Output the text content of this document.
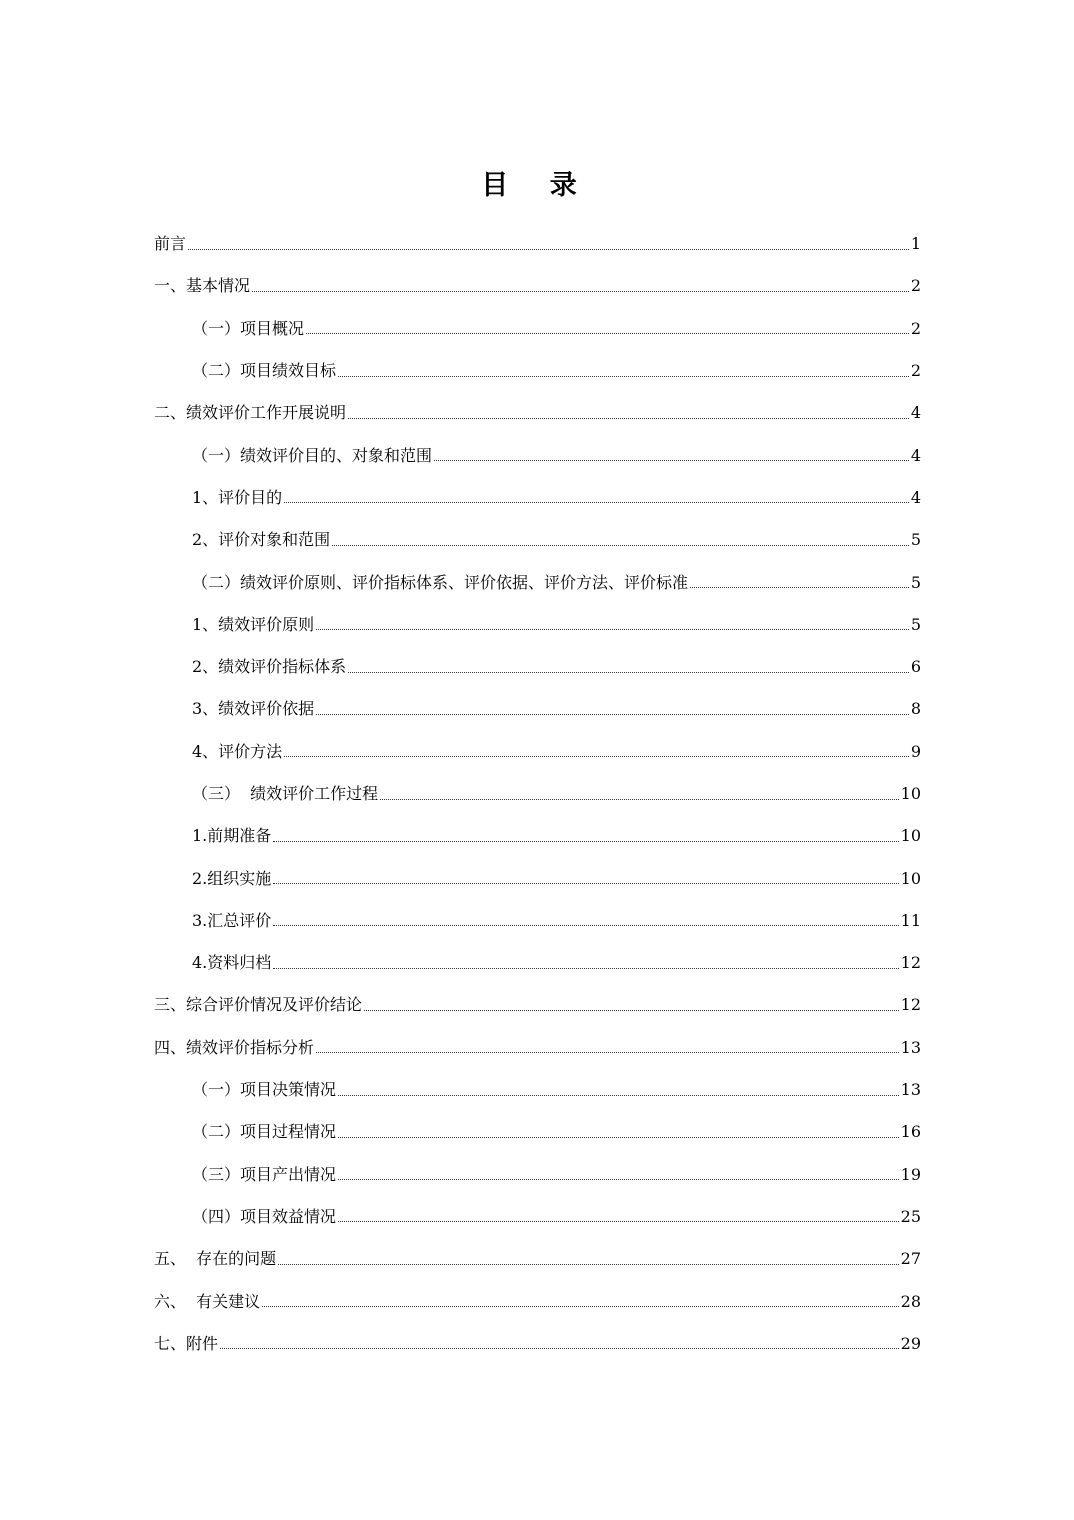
目 录
前言	1
一、基本情况	2
（一）项目概况	2
（二）项目绩效目标	2
二、绩效评价工作开展说明	4
（一）绩效评价目的、对象和范围	4
1、评价目的	4
2、评价对象和范围	5
（二）绩效评价原则、评价指标体系、评价依据、评价方法、评价标准	5
1、绩效评价原则	5
2、绩效评价指标体系	6
3、绩效评价依据	8
4、评价方法	9
（三）  绩效评价工作过程	10
1.前期准备	10
2.组织实施	10
3.汇总评价	11
4.资料归档	12
三、综合评价情况及评价结论	12
四、绩效评价指标分析	13
（一）项目决策情况	13
（二）项目过程情况	16
（三）项目产出情况	19
（四）项目效益情况	25
五、  存在的问题	27
六、  有关建议	28
七、附件	29
